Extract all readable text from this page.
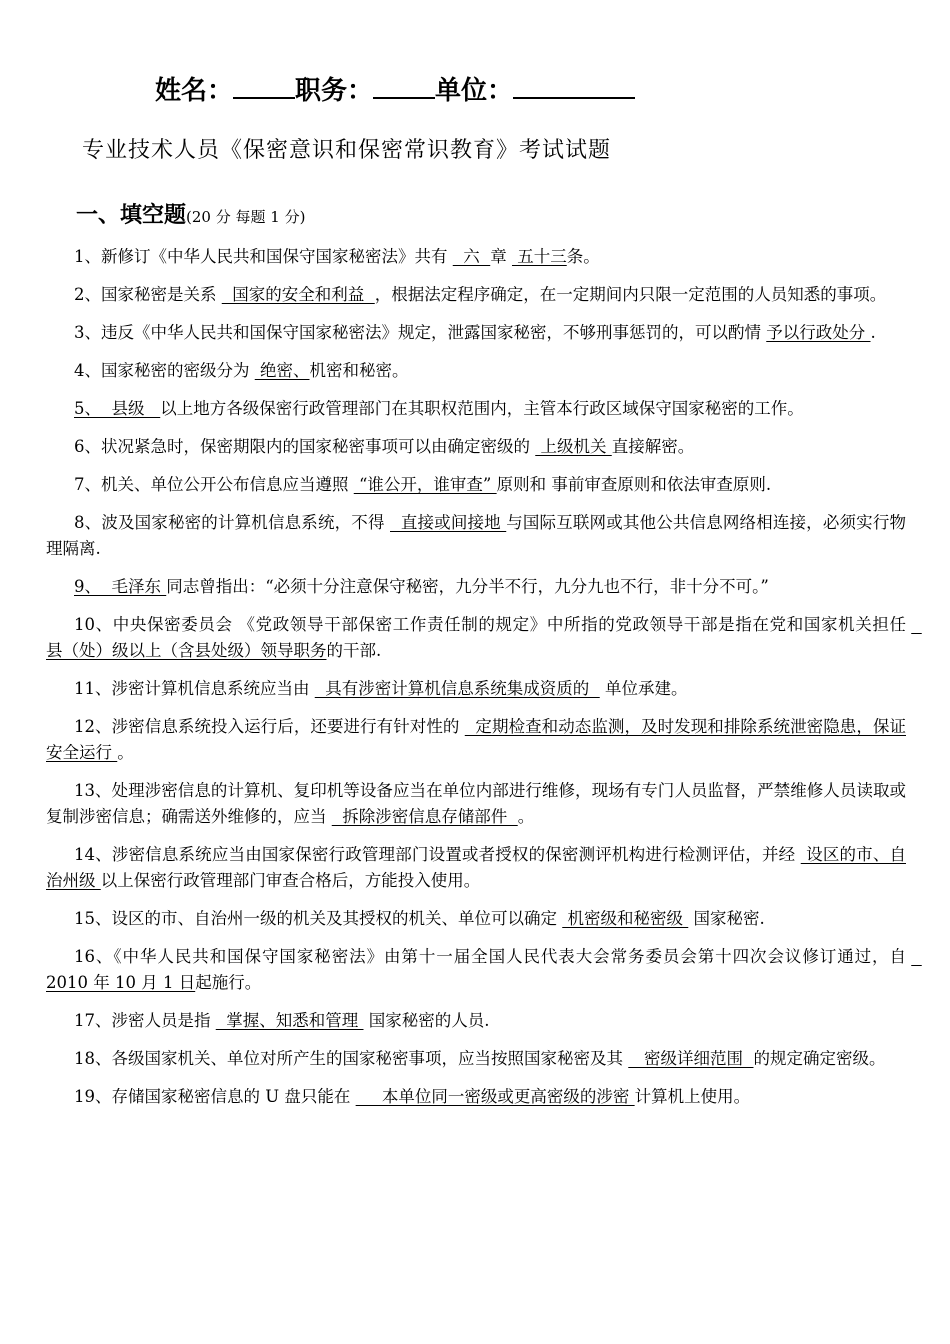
姓名： 职务： 单位：
专业技术人员《保密意识和保密常识教育》考试试题
一、填空题(20 分 每题 1 分)
1、新修订《中华人民共和国保守国家秘密法》共有   六  章  五十三条。
2、国家秘密是关系   国家的安全和利益  ，根据法定程序确定，在一定期间内只限一定范围的人员知悉的事项。
3、违反《中华人民共和国保守国家秘密法》规定，泄露国家秘密，不够刑事惩罚的，可以酌情 予以行政处分 .
4、国家秘密的密级分为  绝密、机密和秘密。
5、  县级   以上地方各级保密行政管理部门在其职权范围内，主管本行政区域保守国家秘密的工作。
6、状况紧急时，保密期限内的国家秘密事项可以由确定密级的  上级机关 直接解密。
7、机关、单位公开公布信息应当遵照  “谁公开，谁审查” 原则和 事前审查原则和依法审查原则.
8、波及国家秘密的计算机信息系统，不得   直接或间接地 与国际互联网或其他公共信息网络相连接，必须实行物理隔离.
9、  毛泽东 同志曾指出：“必须十分注意保守秘密，九分半不行，九分九也不行，非十分不可。”
10、中央保密委员会 《党政领导干部保密工作责任制的规定》中所指的党政领导干部是指在党和国家机关担任   县（处）级以上（含县处级）领导职务的干部.
11、涉密计算机信息系统应当由   具有涉密计算机信息系统集成资质的   单位承建。
12、涉密信息系统投入运行后，还要进行有针对性的   定期检查和动态监测，及时发现和排除系统泄密隐患，保证安全运行 。
13、处理涉密信息的计算机、复印机等设备应当在单位内部进行维修，现场有专门人员监督，严禁维修人员读取或复制涉密信息；确需送外维修的，应当   拆除涉密信息存储部件  。
14、涉密信息系统应当由国家保密行政管理部门设置或者授权的保密测评机构进行检测评估，并经  设区的市、自治州级 以上保密行政管理部门审查合格后，方能投入使用。
15、设区的市、自治州一级的机关及其授权的机关、单位可以确定  机密级和秘密级  国家秘密.
16、《中华人民共和国保守国家秘密法》由第十一届全国人民代表大会常务委员会第十四次会议修订通过，自   2010 年 10 月 1 日起施行。
17、涉密人员是指   掌握、知悉和管理  国家秘密的人员.
18、各级国家机关、单位对所产生的国家秘密事项，应当按照国家秘密及其    密级详细范围  的规定确定密级。
19、存储国家秘密信息的 U 盘只能在      本单位同一密级或更高密级的涉密 计算机上使用。
